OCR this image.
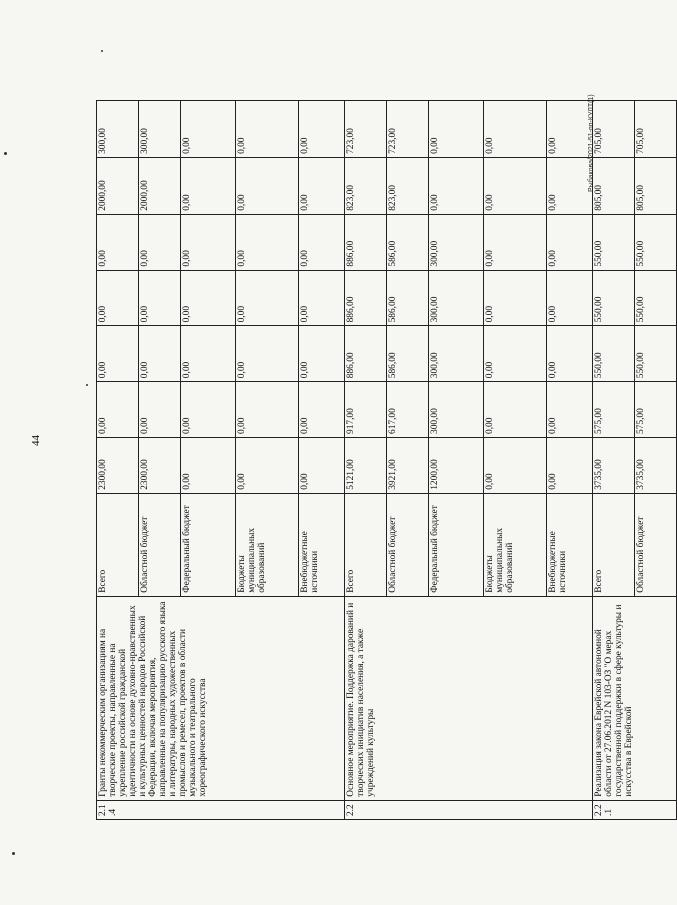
44
Рыбакова/2021-51-пп-КУЛТ(1)
2.1 .4	Гранты некоммерческим организациям на творческие проекты, направленные на укрепление российской гражданской идентичности на основе духовно-нравственных и культурных ценностей народов Российской Федерации, включая мероприятия, направленные на популяризацию русского языка и литературы, народных художественных промыслов и ремесел, проектов в области музыкального и театрального хореографического искусства	Всего	2300,00	0,00	0,00	0,00	0,00	2000,00	300,00
		Областной бюджет	2300,00	0,00	0,00	0,00	0,00	2000,00	300,00
		Федеральный бюджет	0,00	0,00	0,00	0,00	0,00	0,00	0,00
		Бюджеты муниципальных образований	0,00	0,00	0,00	0,00	0,00	0,00	0,00
		Внебюджетные источники	0,00	0,00	0,00	0,00	0,00	0,00	0,00

2.2	Основное мероприятие. Поддержка дарований и творческих инициатив населения, а также учреждений культуры	Всего	5121,00	917,00	886,00	886,00	886,00	823,00	723,00
		Областной бюджет	3921,00	617,00	586,00	586,00	586,00	823,00	723,00
		Федеральный бюджет	1200,00	300,00	300,00	300,00	300,00	0,00	0,00
		Бюджеты муниципальных образований	0,00	0,00	0,00	0,00	0,00	0,00	0,00
		Внебюджетные источники	0,00	0,00	0,00	0,00	0,00	0,00	0,00

2.2 .1	Реализация закона Еврейской автономной области от 27.06.2012 N 103-ОЗ "О мерах государственной поддержки в сфере культуры и искусства в Еврейской	Всего	3735,00	575,00	550,00	550,00	550,00	805,00	705,00
		Областной бюджет	3735,00	575,00	550,00	550,00	550,00	805,00	705,00
